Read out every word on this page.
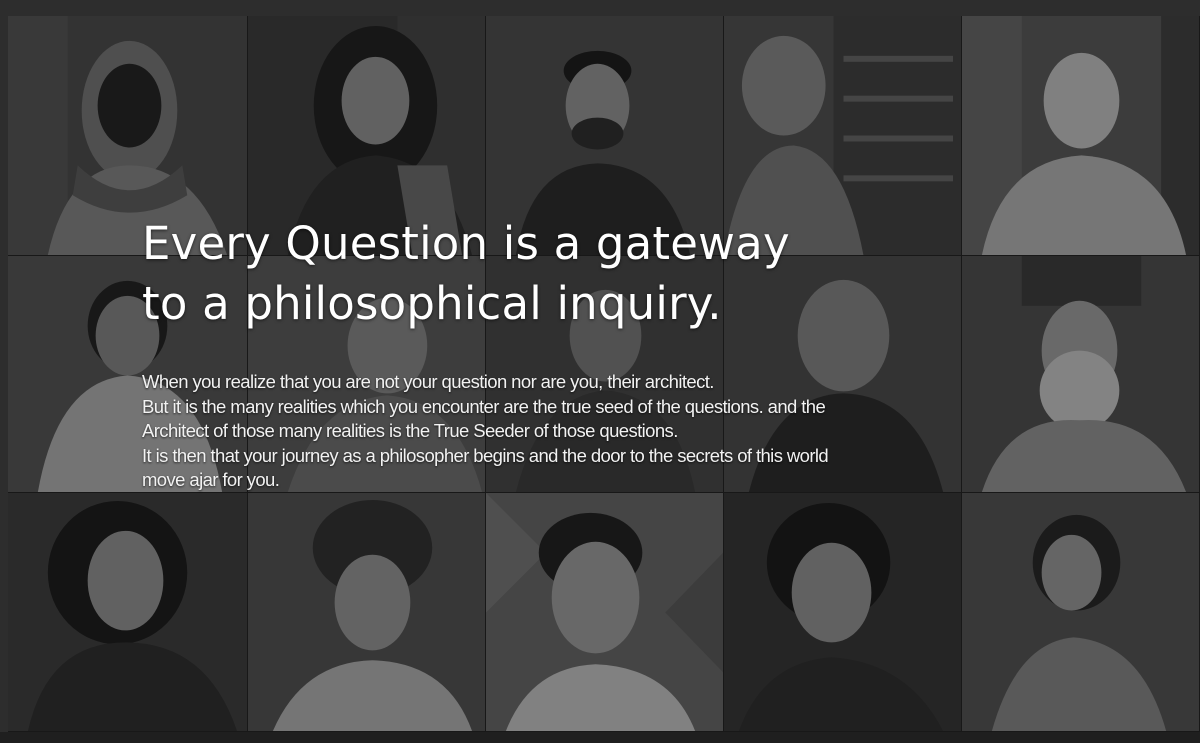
Every Question is a gateway
to a philosophical inquiry.

When you realize that you are not your question nor are you, their architect.
But it is the many realities which you encounter are the true seed of the questions. and the
Architect of those many realities is the True Seeder of those questions.
It is then that your journey as a philosopher begins and the door to the secrets of this world
move ajar for you.
